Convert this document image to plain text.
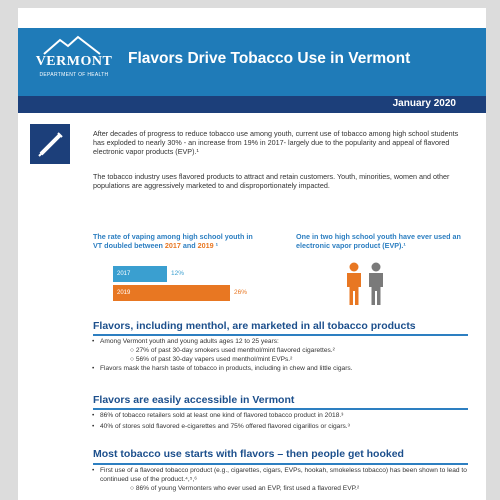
VERMONT
DEPARTMENT OF HEALTH
Flavors Drive Tobacco Use in Vermont
January 2020

After decades of progress to reduce tobacco use among youth, current use of tobacco among high school students has exploded to nearly 30% - an increase from 19% in 2017- largely due to the popularity and appeal of flavored electronic vapor products (EVP).¹

The tobacco industry uses flavored products to attract and retain customers. Youth, minorities, women and other populations are aggressively marketed to and disproportionately impacted.

The rate of vaping among high school youth in VT doubled between 2017 and 2019 ¹

One in two high school youth have ever used an electronic vapor product (EVP).¹

2017	12%
2019	26%
Flavors, including menthol, are marketed in all tobacco products

• Among Vermont youth and young adults ages 12 to 25 years:

○ 27% of past 30-day smokers used menthol/mint flavored cigarettes.²

○ 56% of past 30-day vapers used menthol/mint EVPs.²

• Flavors mask the harsh taste of tobacco in products, including in chew and little cigars.

Flavors are easily accessible in Vermont

• 86% of tobacco retailers sold at least one kind of flavored tobacco product in 2018.³

• 40% of stores sold flavored e-cigarettes and 75% offered flavored cigarillos or cigars.³

Most tobacco use starts with flavors – then people get hooked

• First use of a flavored tobacco product (e.g., cigarettes, cigars, EVPs, hookah, smokeless tobacco) has been shown to lead to continued use of the product.⁴,⁵,⁶

○ 86% of young Vermonters who ever used an EVP, first used a flavored EVP.²
